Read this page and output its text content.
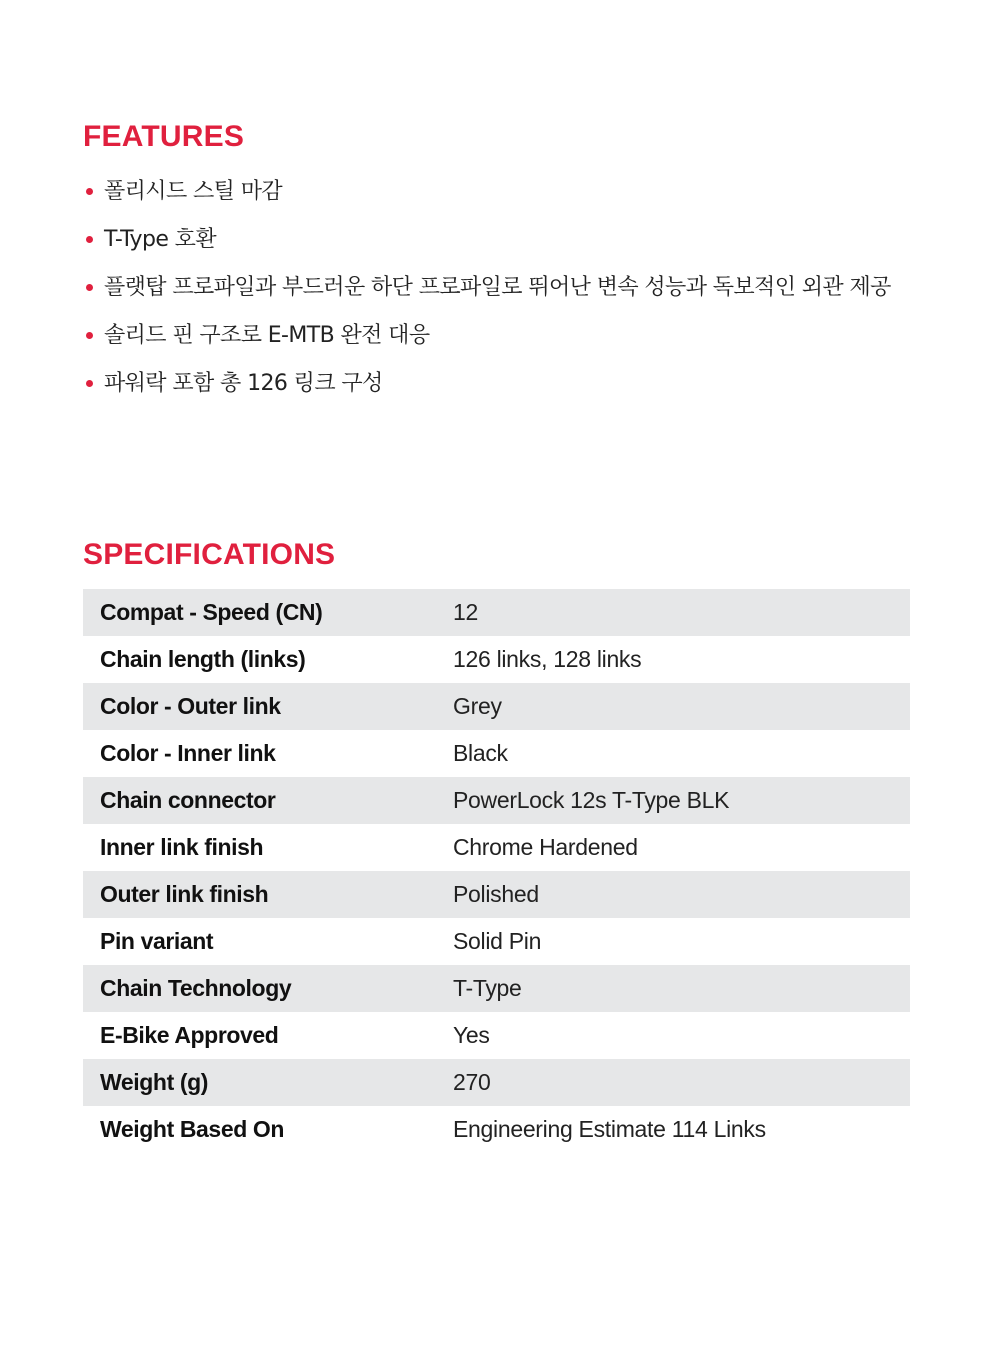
FEATURES
폴리시드 스틸 마감
T-Type 호환
플랫탑 프로파일과 부드러운 하단 프로파일로 뛰어난 변속 성능과 독보적인 외관 제공
솔리드 핀 구조로 E-MTB 완전 대응
파워락 포함 총 126 링크 구성
SPECIFICATIONS
Compat - Speed (CN)	12
Chain length (links)	126 links, 128 links
Color - Outer link	Grey
Color - Inner link	Black
Chain connector	PowerLock 12s T-Type BLK
Inner link finish	Chrome Hardened
Outer link finish	Polished
Pin variant	Solid Pin
Chain Technology	T-Type
E-Bike Approved	Yes
Weight (g)	270
Weight Based On	Engineering Estimate 114 Links
